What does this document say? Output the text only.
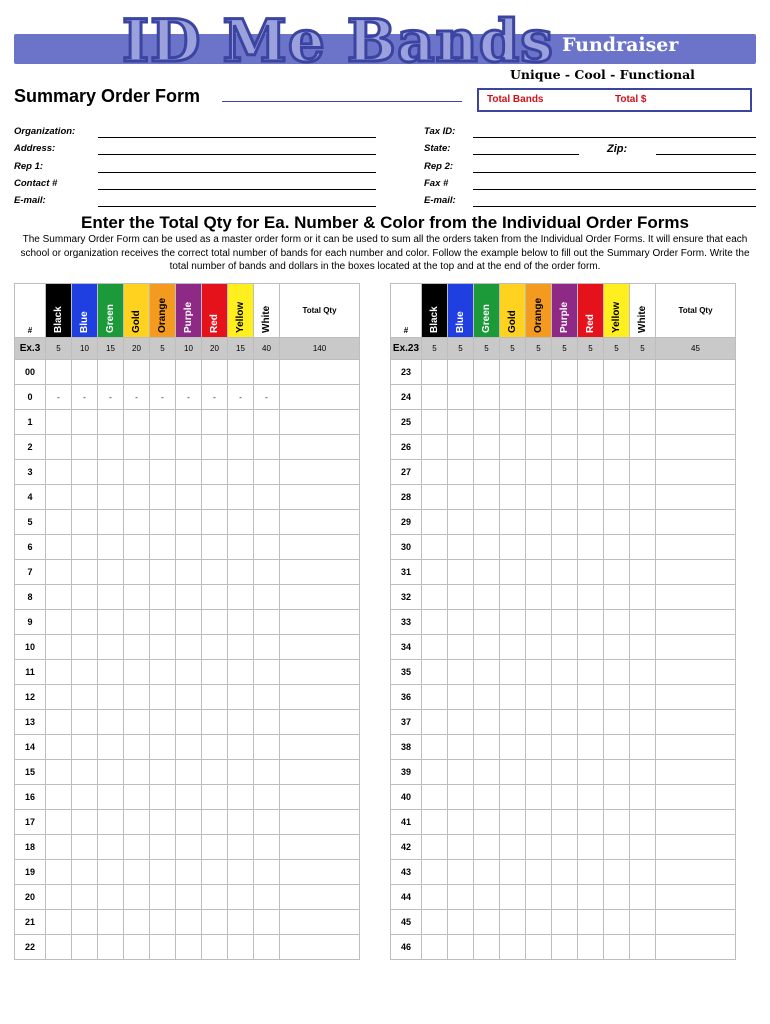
ID Me Bands Fundraiser
Unique - Cool - Functional
Summary Order Form	Total Bands	Total $
Organization:
Address:
Rep 1:
Contact #
E-mail:
Tax ID:
State:	Zip:
Rep 2:
Fax #
E-mail:
Enter the Total Qty for Ea. Number & Color from the Individual Order Forms
The Summary Order Form can be used as a master order form or it can be used to sum all the orders taken from the Individual Order Forms. It will ensure that each school or organization receives the correct total number of bands for each number and color. Follow the example below to fill out the Summary Order Form. Write the total number of bands and dollars in the boxes located at the top and at the end of the order form.
#	Black	Blue	Green	Gold	Orange	Purple	Red	Yellow	White	Total Qty
Ex.3	5	10	15	20	5	10	20	15	40	140
00										
0	-	-	-	-	-	-	-	-	-	
1										
2										
3										
4										
5										
6										
7										
8										
9										
10										
11										
12										
13										
14										
15										
16										
17										
18										
19										
20										
21										
22										
#	Black	Blue	Green	Gold	Orange	Purple	Red	Yellow	White	Total Qty
Ex.23	5	5	5	5	5	5	5	5	5	45
23										
24										
25										
26										
27										
28										
29										
30										
31										
32										
33										
34										
35										
36										
37										
38										
39										
40										
41										
42										
43										
44										
45										
46										
